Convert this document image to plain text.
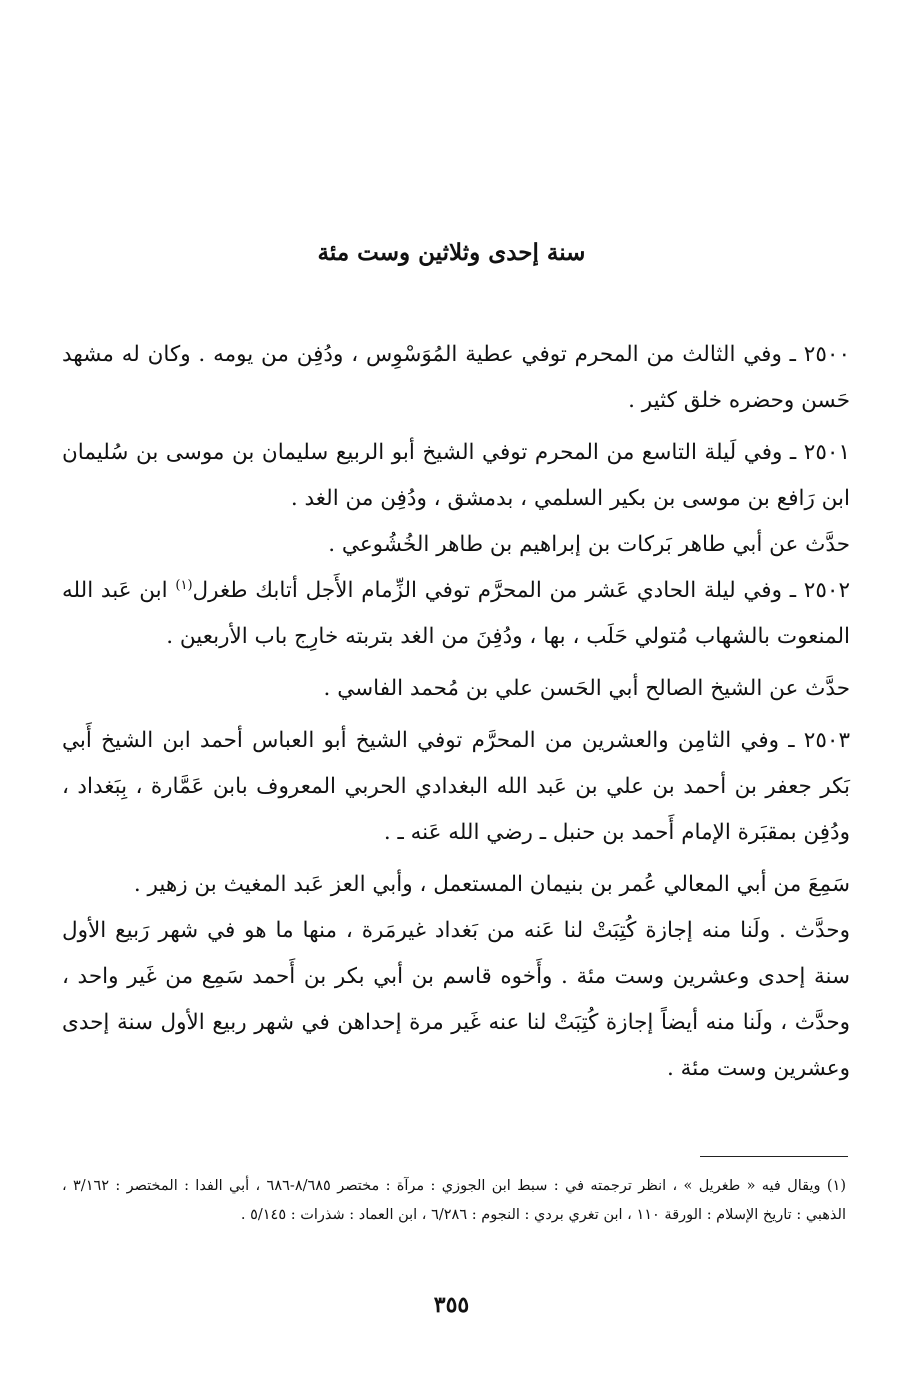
سنة إحدى وثلاثين وست مئة

٢٥٠٠ ـ وفي الثالث من المحرم توفي عطية المُوَسْوِس ، ودُفِن من يومه . وكان له مشهد حَسن وحضره خلق كثير .

٢٥٠١ ـ وفي لَيلة التاسع من المحرم توفي الشيخ أبو الربيع سليمان بن موسى بن سُليمان ابن رَافع بن موسى بن بكير السلمي ، بدمشق ، ودُفِن من الغد .

حدَّث عن أبي طاهر بَركات بن إبراهيم بن طاهر الخُشُوعي .

٢٥٠٢ ـ وفي ليلة الحادي عَشر من المحرَّم توفي الزِّمام الأَجل أتابك طغرل$^{(١)}$ ابن عَبد الله المنعوت بالشهاب مُتولي حَلَب ، بها ، ودُفِنَ من الغد بتربته خارِج باب الأربعين .

حدَّث عن الشيخ الصالح أبي الحَسن علي بن مُحمد الفاسي .

٢٥٠٣ ـ وفي الثامِن والعشرين من المحرَّم توفي الشيخ أبو العباس أحمد ابن الشيخ أَبي بَكر جعفر بن أحمد بن علي بن عَبد الله البغدادي الحربي المعروف بابن عَمَّارة ، بِبَغداد ، ودُفِن بمقبَرة الإمام أَحمد بن حنبل ـ رضي الله عَنه ـ .

سَمِعَ من أبي المعالي عُمر بن بنيمان المستعمل ، وأبي العز عَبد المغيث بن زهير .

وحدَّث . ولَنا منه إجازة كُتِبَتْ لنا عَنه من بَغداد غيرمَرة ، منها ما هو في شهر رَبيع الأول سنة إحدى وعشرين وست مئة . وأَخوه قاسم بن أبي بكر بن أَحمد سَمِع من غَير واحد ، وحدَّث ، ولَنا منه أيضاً إجازة كُتِبَتْ لنا عنه غَير مرة إحداهن في شهر ربيع الأول سنة إحدى وعشرين وست مئة .

(١) ويقال فيه « طغريل » ، انظر ترجمته في : سبط ابن الجوزي : مرآة : مختصر ٨/٦٨٥-٦٨٦ ، أبي الفدا : المختصر : ٣/١٦٢ ، الذهبي : تاريخ الإسلام : الورقة ١١٠ ، ابن تغري بردي : النجوم : ٦/٢٨٦ ، ابن العماد : شذرات : ٥/١٤٥ .

٣٥٥
